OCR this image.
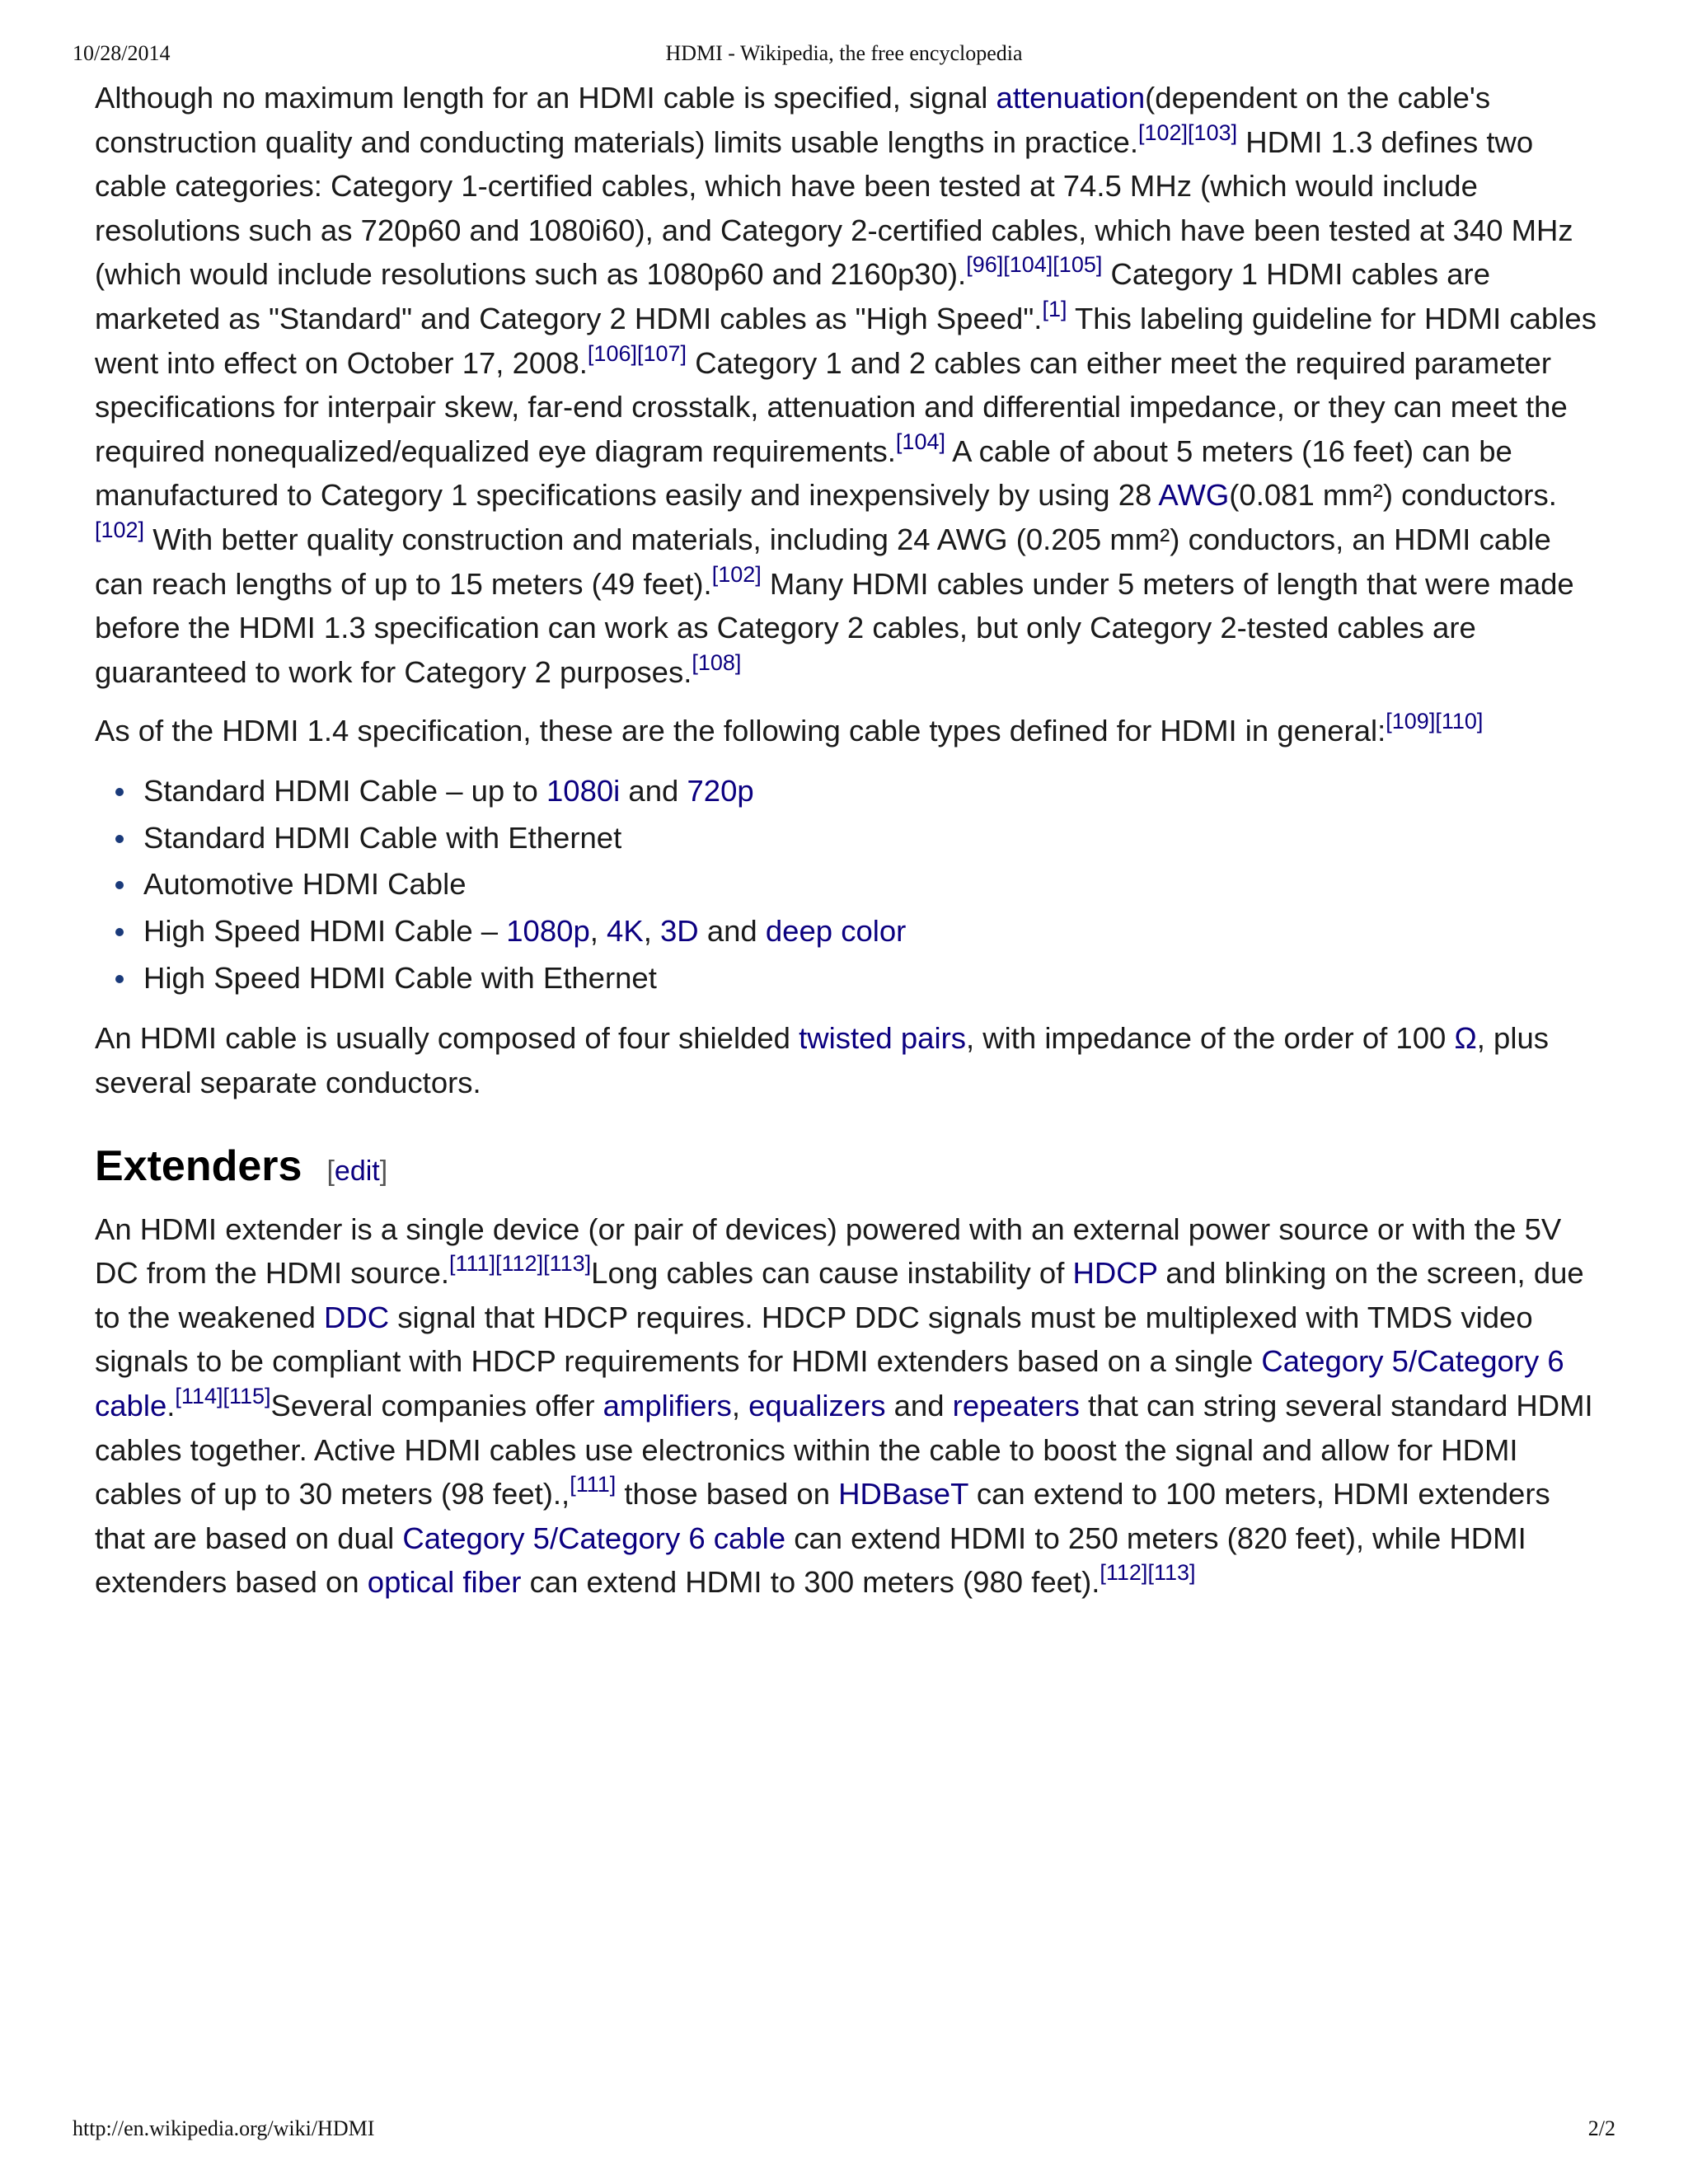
10/28/2014	HDMI - Wikipedia, the free encyclopedia

Although no maximum length for an HDMI cable is specified, signal attenuation(dependent on the cable's construction quality and conducting materials) limits usable lengths in practice.[102][103] HDMI 1.3 defines two cable categories: Category 1-certified cables, which have been tested at 74.5 MHz (which would include resolutions such as 720p60 and 1080i60), and Category 2-certified cables, which have been tested at 340 MHz (which would include resolutions such as 1080p60 and 2160p30).[96][104][105] Category 1 HDMI cables are marketed as "Standard" and Category 2 HDMI cables as "High Speed".[1] This labeling guideline for HDMI cables went into effect on October 17, 2008.[106][107] Category 1 and 2 cables can either meet the required parameter specifications for interpair skew, far-end crosstalk, attenuation and differential impedance, or they can meet the required nonequalized/equalized eye diagram requirements.[104] A cable of about 5 meters (16 feet) can be manufactured to Category 1 specifications easily and inexpensively by using 28 AWG(0.081 mm²) conductors.[102] With better quality construction and materials, including 24 AWG (0.205 mm²) conductors, an HDMI cable can reach lengths of up to 15 meters (49 feet).[102] Many HDMI cables under 5 meters of length that were made before the HDMI 1.3 specification can work as Category 2 cables, but only Category 2-tested cables are guaranteed to work for Category 2 purposes.[108]

As of the HDMI 1.4 specification, these are the following cable types defined for HDMI in general:[109][110]

Standard HDMI Cable – up to 1080i and 720p
Standard HDMI Cable with Ethernet
Automotive HDMI Cable
High Speed HDMI Cable – 1080p, 4K, 3D and deep color
High Speed HDMI Cable with Ethernet

An HDMI cable is usually composed of four shielded twisted pairs, with impedance of the order of 100 Ω, plus several separate conductors.

Extenders [edit]

An HDMI extender is a single device (or pair of devices) powered with an external power source or with the 5V DC from the HDMI source.[111][112][113]Long cables can cause instability of HDCP and blinking on the screen, due to the weakened DDC signal that HDCP requires. HDCP DDC signals must be multiplexed with TMDS video signals to be compliant with HDCP requirements for HDMI extenders based on a single Category 5/Category 6 cable.[114][115]Several companies offer amplifiers, equalizers and repeaters that can string several standard HDMI cables together. Active HDMI cables use electronics within the cable to boost the signal and allow for HDMI cables of up to 30 meters (98 feet).,[111] those based on HDBaseT can extend to 100 meters, HDMI extenders that are based on dual Category 5/Category 6 cable can extend HDMI to 250 meters (820 feet), while HDMI extenders based on optical fiber can extend HDMI to 300 meters (980 feet).[112][113]

http://en.wikipedia.org/wiki/HDMI	2/2
